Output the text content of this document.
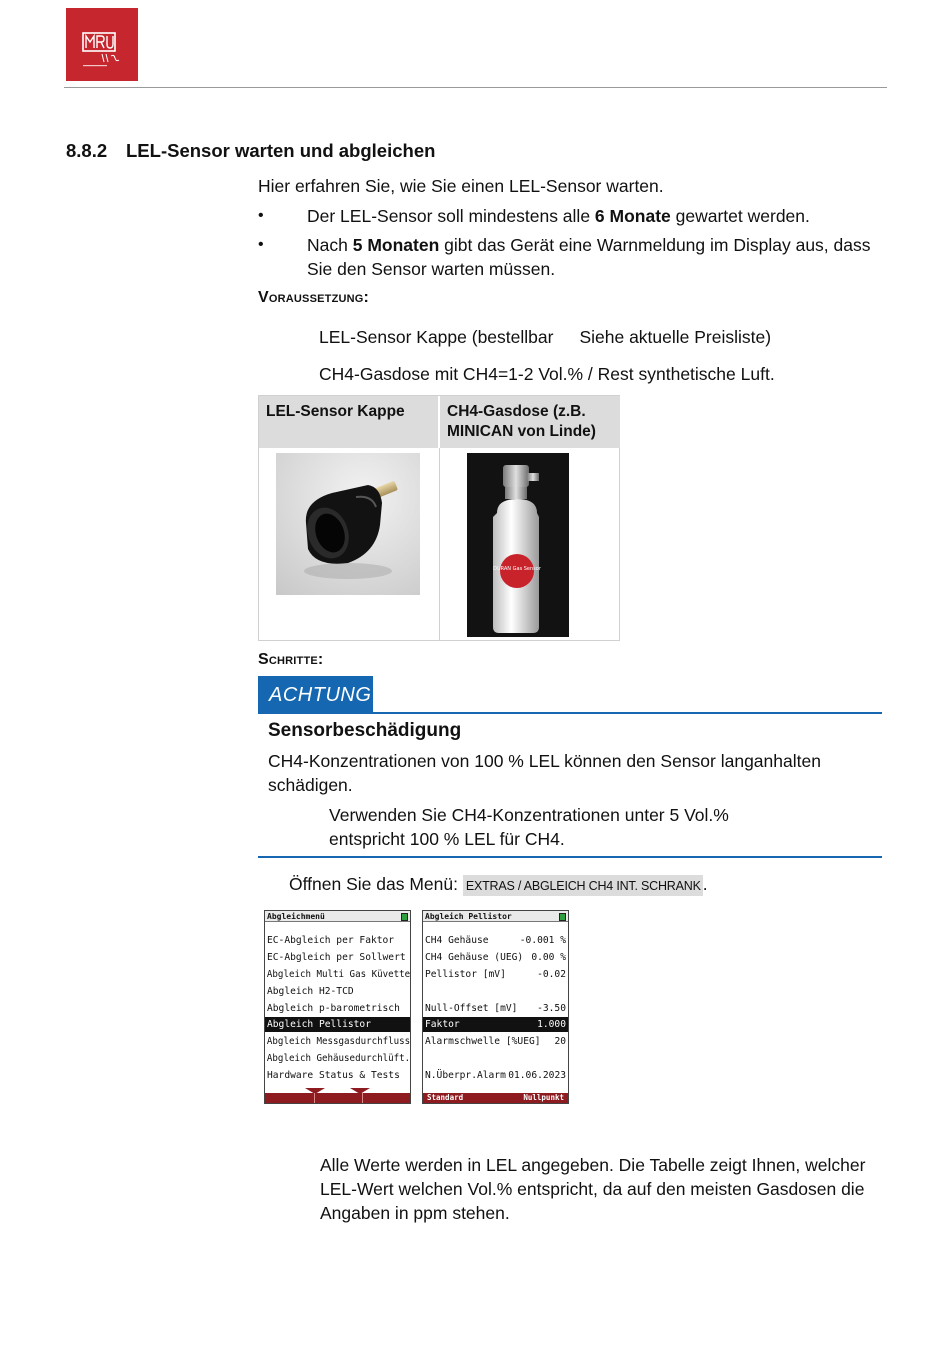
8.8.2 LEL-Sensor warten und abgleichen
Hier erfahren Sie, wie Sie einen LEL-Sensor warten.
• Der LEL-Sensor soll mindestens alle 6 Monate gewartet werden.
• Nach 5 Monaten gibt das Gerät eine Warnmeldung im Display aus, dass Sie den Sensor warten müssen.
Voraussetzung:
LEL-Sensor Kappe (bestellbar Siehe aktuelle Preisliste)
CH4-Gasdose mit CH4=1-2 Vol.% / Rest synthetische Luft.
LEL-Sensor Kappe	CH4-Gasdose (z.B. MINICAN von Linde)
DURAN Gas Sensor
Schritte:
ACHTUNG
Sensorbeschädigung
CH4-Konzentrationen von 100 % LEL können den Sensor langanhalten schädigen.
Verwenden Sie CH4-Konzentrationen unter 5 Vol.% entspricht 100 % LEL für CH4.
Öffnen Sie das Menü: EXTRAS / ABGLEICH CH4 INT. SCHRANK .
Abgleichmenü
EC-Abgleich per Faktor
EC-Abgleich per Sollwert
Abgleich Multi Gas Küvette
Abgleich H2-TCD
Abgleich p-barometrisch
Abgleich Pellistor
Abgleich Messgasdurchfluss
Abgleich Gehäusedurchlüft.
Hardware Status & Tests
Abgleich Pellistor
CH4 Gehäuse	-0.001 %
CH4 Gehäuse (UEG) 0.00 %
Pellistor [mV]	-0.02
Null-Offset [mV] -3.50
Faktor	1.000
Alarmschwelle [%UEG] 20
N.Überpr.Alarm 01.06.2023
Standard	Nullpunkt
Alle Werte werden in LEL angegeben. Die Tabelle zeigt Ihnen, welcher LEL-Wert welchen Vol.% entspricht, da auf den meisten Gasdosen die Angaben in ppm stehen.
